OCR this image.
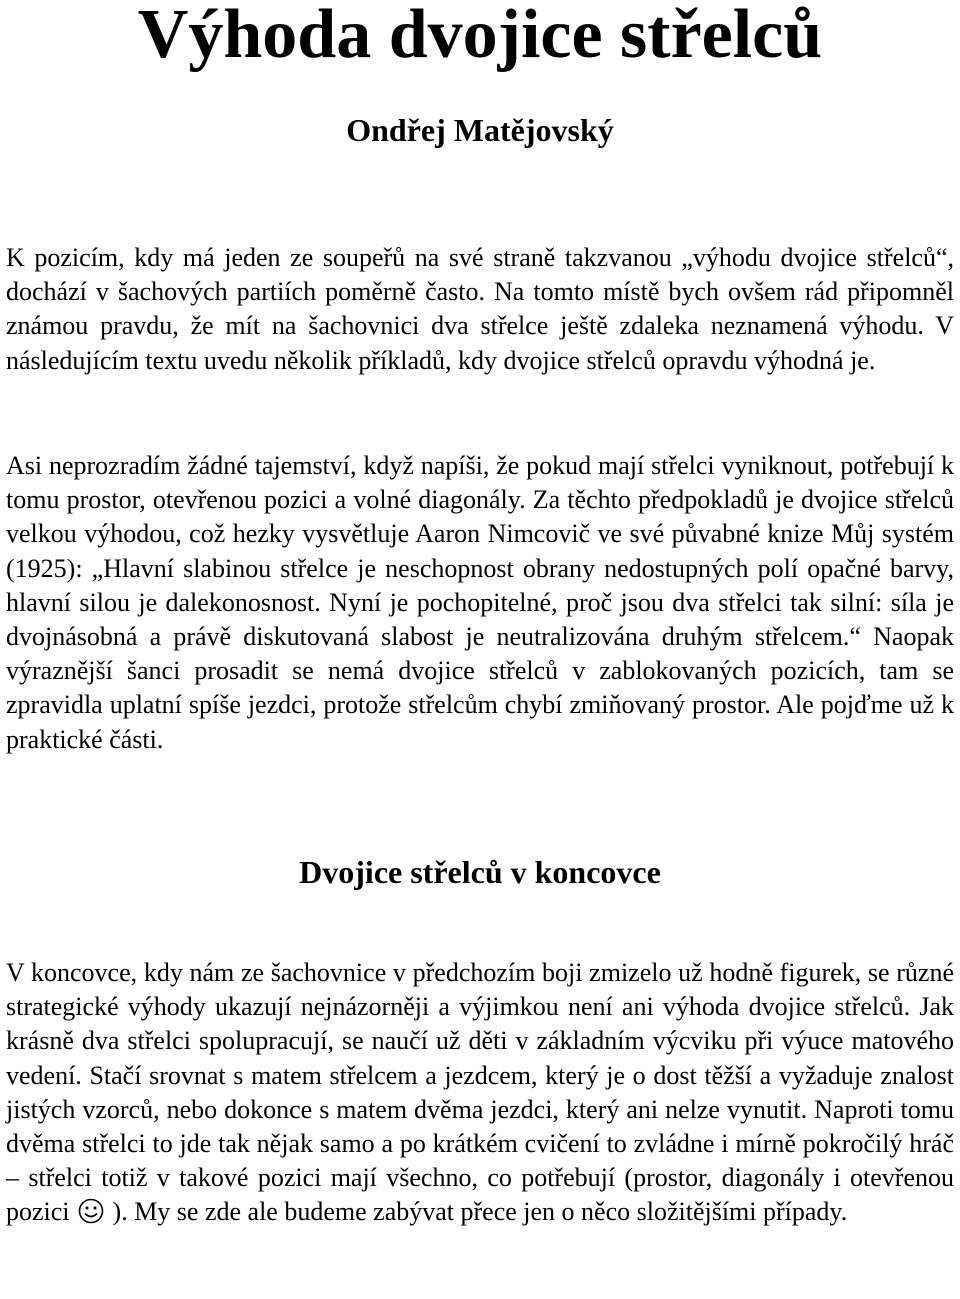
Výhoda dvojice střelců
Ondřej Matějovský

K pozicím, kdy má jeden ze soupeřů na své straně takzvanou „výhodu dvojice střelců“, dochází v šachových partiích poměrně často. Na tomto místě bych ovšem rád připomněl známou pravdu, že mít na šachovnici dva střelce ještě zdaleka neznamená výhodu. V následujícím textu uvedu několik příkladů, kdy dvojice střelců opravdu výhodná je.

Asi neprozradím žádné tajemství, když napíši, že pokud mají střelci vyniknout, potřebují k tomu prostor, otevřenou pozici a volné diagonály. Za těchto předpokladů je dvojice střelců velkou výhodou, což hezky vysvětluje Aaron Nimcovič ve své půvabné knize Můj systém (1925): „Hlavní slabinou střelce je neschopnost obrany nedostupných polí opačné barvy, hlavní silou je dalekonosnost. Nyní je pochopitelné, proč jsou dva střelci tak silní: síla je dvojnásobná a právě diskutovaná slabost je neutralizována druhým střelcem.“ Naopak výraznější šanci prosadit se nemá dvojice střelců v zablokovaných pozicích, tam se zpravidla uplatní spíše jezdci, protože střelcům chybí zmiňovaný prostor. Ale pojďme už k praktické části.

Dvojice střelců v koncovce

V koncovce, kdy nám ze šachovnice v předchozím boji zmizelo už hodně figurek, se různé strategické výhody ukazují nejnázorněji a výjimkou není ani výhoda dvojice střelců. Jak krásně dva střelci spolupracují, se naučí už děti v základním výcviku při výuce matového vedení. Stačí srovnat s matem střelcem a jezdcem, který je o dost těžší a vyžaduje znalost jistých vzorců, nebo dokonce s matem dvěma jezdci, který ani nelze vynutit. Naproti tomu dvěma střelci to jde tak nějak samo a po krátkém cvičení to zvládne i mírně pokročilý hráč – střelci totiž v takové pozici mají všechno, co potřebují (prostor, diagonály i otevřenou pozici  ). My se zde ale budeme zabývat přece jen o něco složitějšími případy.
